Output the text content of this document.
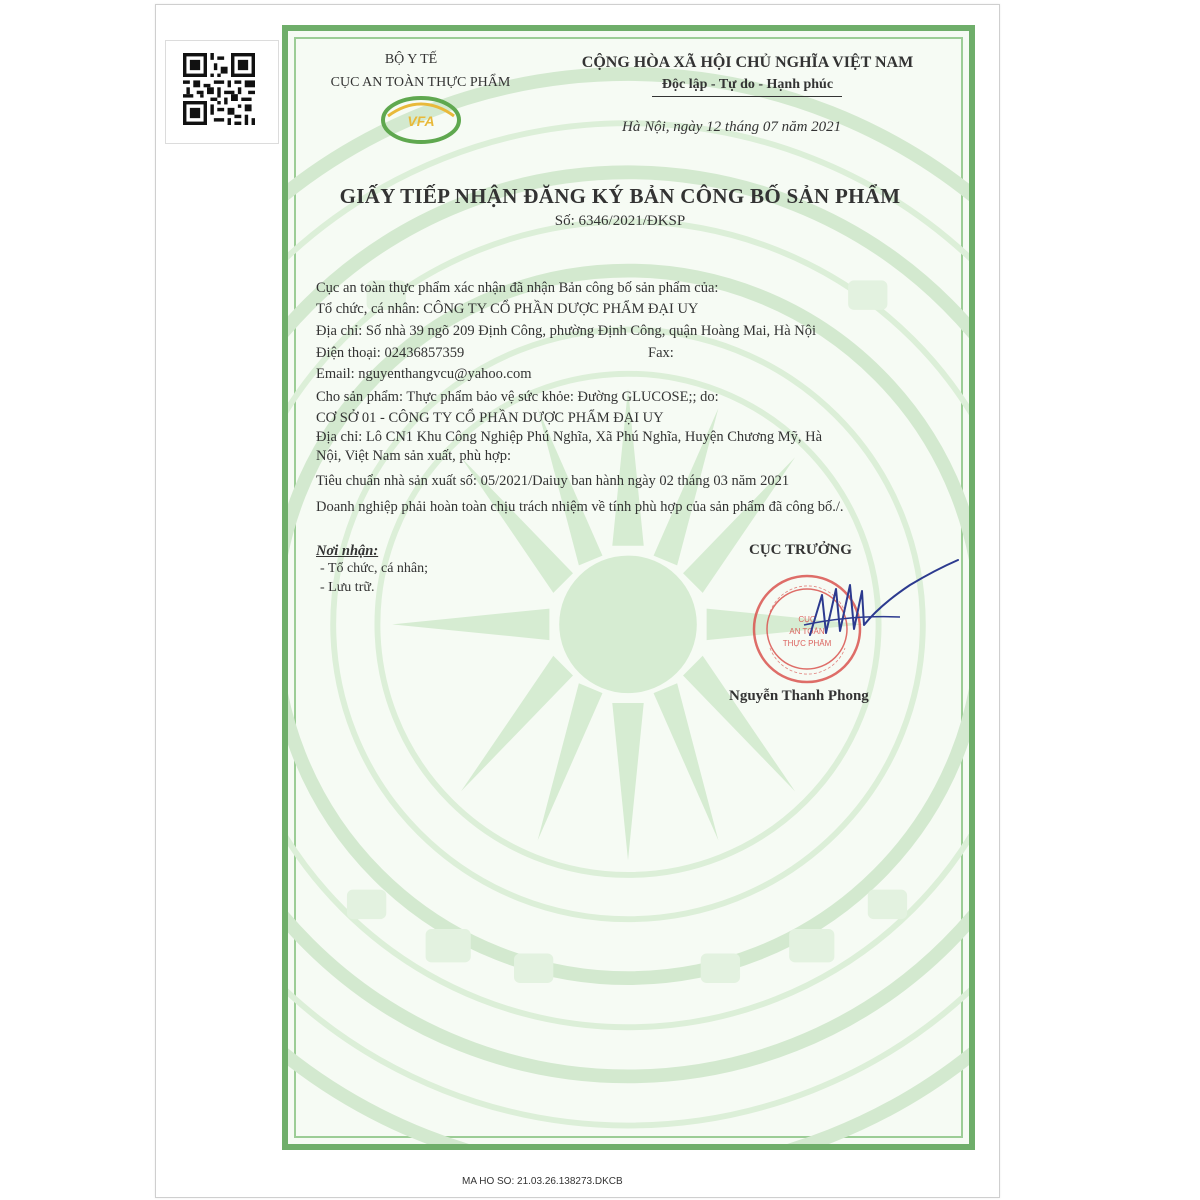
BỘ Y TẾ
CỤC AN TOÀN THỰC PHẨM
VFA
CỘNG HÒA XÃ HỘI CHỦ NGHĨA VIỆT NAM
Độc lập - Tự do - Hạnh phúc
Hà Nội, ngày 12 tháng 07 năm 2021
GIẤY TIẾP NHẬN ĐĂNG KÝ BẢN CÔNG BỐ SẢN PHẨM
Số: 6346/2021/ĐKSP
Cục an toàn thực phẩm xác nhận đã nhận Bản công bố sản phẩm của:
Tổ chức, cá nhân: CÔNG TY CỔ PHẦN DƯỢC PHẨM ĐẠI UY
Địa chỉ: Số nhà 39 ngõ 209 Định Công, phường Định Công, quận Hoàng Mai, Hà Nội
Điện thoại: 02436857359	Fax:
Email: nguyenthangvcu@yahoo.com
Cho sản phẩm: Thực phẩm bảo vệ sức khỏe: Đường GLUCOSE;; do:
CƠ SỞ 01 - CÔNG TY CỔ PHẦN DƯỢC PHẨM ĐẠI UY
Địa chỉ: Lô CN1 Khu Công Nghiệp Phú Nghĩa, Xã Phú Nghĩa, Huyện Chương Mỹ, Hà
Nội, Việt Nam sản xuất, phù hợp:
Tiêu chuẩn nhà sản xuất số: 05/2021/Daiuy ban hành ngày 02 tháng 03 năm 2021
Doanh nghiệp phải hoàn toàn chịu trách nhiệm về tính phù hợp của sản phẩm đã công bố./.
Nơi nhận:
- Tổ chức, cá nhân;
- Lưu trữ.
CỤC TRƯỞNG
CỤC
AN TOÀN
THỰC PHẨM
Nguyễn Thanh Phong
MA HO SO: 21.03.26.138273.DKCB
